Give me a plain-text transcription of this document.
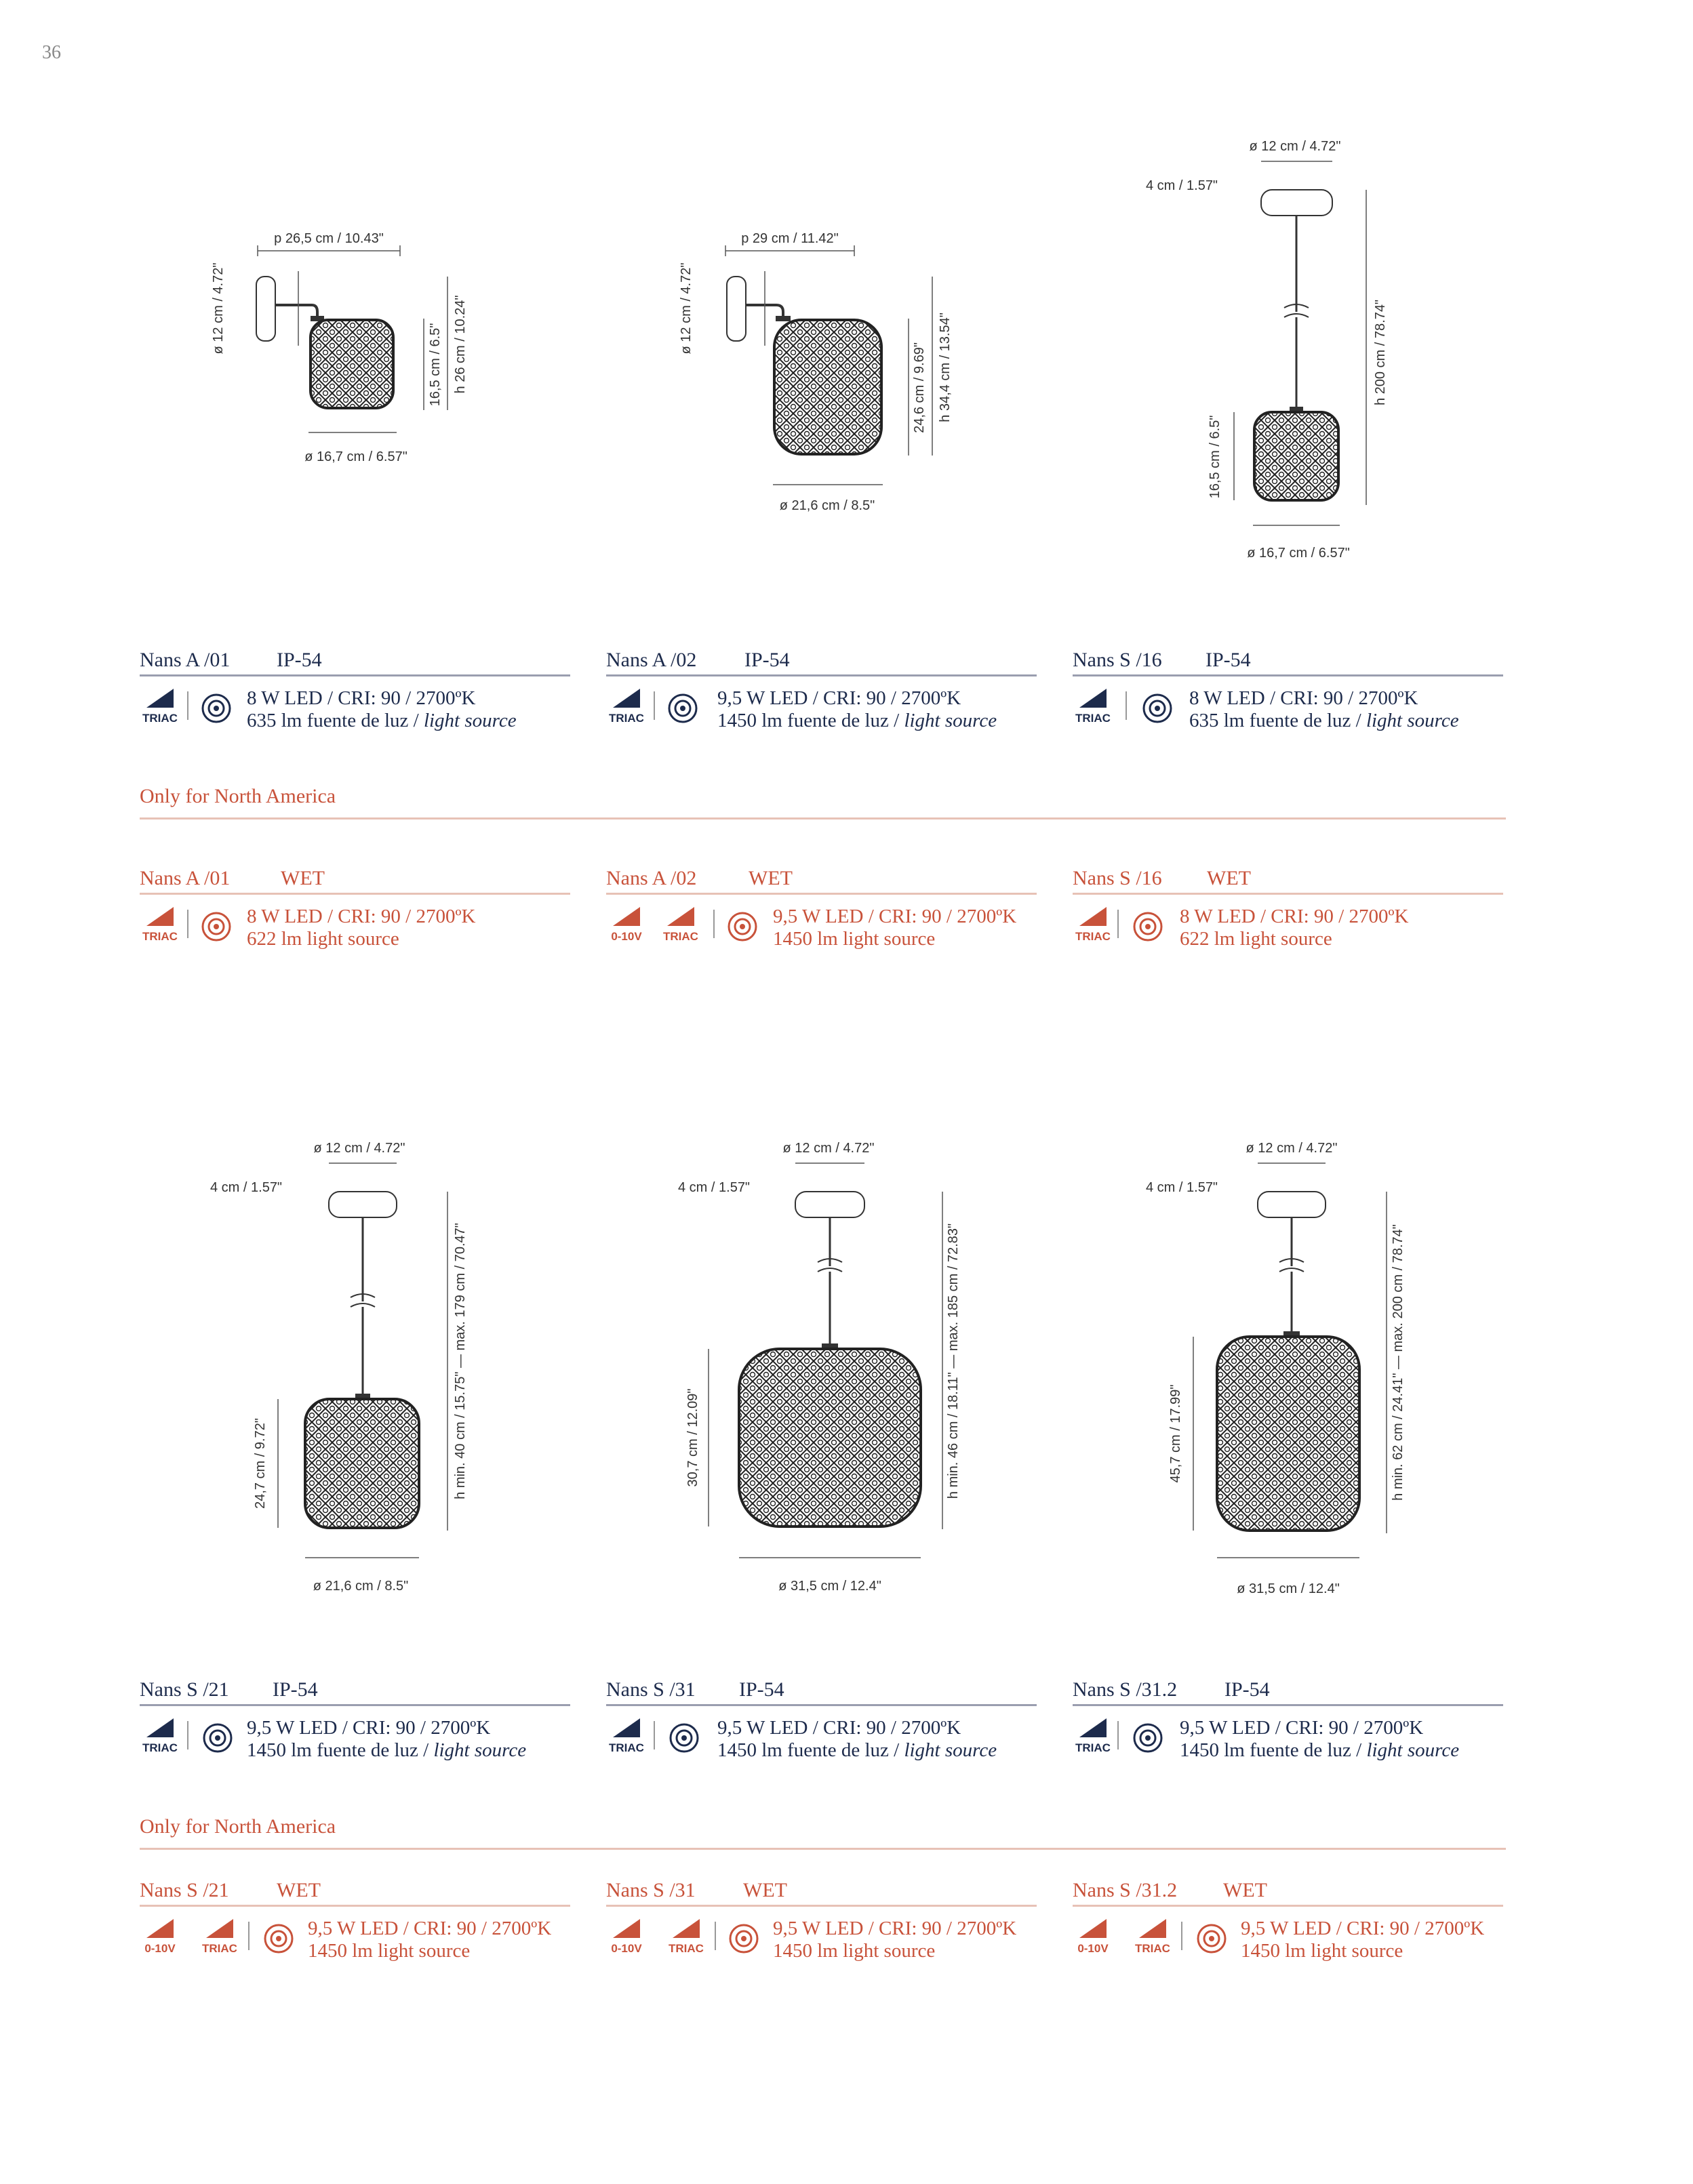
36
p 26,5 cm / 10.43"
ø 12 cm / 4.72"
16,5 cm / 6.5" h 26 cm / 10.24"
ø 16,7 cm / 6.57"
p 29 cm / 11.42"
ø 12 cm / 4.72"
24,6 cm / 9.69" h 34,4 cm / 13.54"
ø 21,6 cm / 8.5"
ø 12 cm / 4.72"
4 cm / 1.57"
h 200 cm / 78.74"
16,5 cm / 6.5"
ø 16,7 cm / 6.57"
Nans A /01 IP-54
TRIAC
8 W LED / CRI: 90 / 2700ºK
635 lm fuente de luz / light source
Nans A /02 IP-54
TRIAC
9,5 W LED / CRI: 90 / 2700ºK
1450 lm fuente de luz / light source
Nans S /16 IP-54
TRIAC
8 W LED / CRI: 90 / 2700ºK
635 lm fuente de luz / light source
Only for North America
Nans A /01 WET
TRIAC
8 W LED / CRI: 90 / 2700ºK
622 lm light source
Nans A /02	WET
0-10V	TRIAC
9,5 W LED / CRI: 90 / 2700ºK
1450 lm light source
Nans S /16 WET
TRIAC
8 W LED / CRI: 90 / 2700ºK
622 lm light source
ø 12 cm / 4.72"
4 cm / 1.57"
h min. 40 cm / 15.75" — max. 179 cm / 70.47"
24,7 cm / 9.72"
ø 21,6 cm / 8.5"
ø 12 cm / 4.72"
4 cm / 1.57"
h min. 46 cm / 18.11" — max. 185 cm / 72.83"
30,7 cm / 12.09"
ø 31,5 cm / 12.4"
ø 12 cm / 4.72"
4 cm / 1.57"
h min. 62 cm / 24.41" — max. 200 cm / 78.74"
45,7 cm / 17.99"
ø 31,5 cm / 12.4"
Nans S /21 IP-54
TRIAC
9,5 W LED / CRI: 90 / 2700ºK
1450 lm fuente de luz / light source
Nans S /31 IP-54
TRIAC
9,5 W LED / CRI: 90 / 2700ºK
1450 lm fuente de luz / light source
Nans S /31.2 IP-54
TRIAC
9,5 W LED / CRI: 90 / 2700ºK
1450 lm fuente de luz / light source
Only for North America
Nans S /21 WET
0-10V	TRIAC
9,5 W LED / CRI: 90 / 2700ºK
1450 lm light source
Nans S /31 WET
0-10V	TRIAC
9,5 W LED / CRI: 90 / 2700ºK
1450 lm light source
Nans S /31.2 WET
0-10V	TRIAC
9,5 W LED / CRI: 90 / 2700ºK
1450 lm light source
